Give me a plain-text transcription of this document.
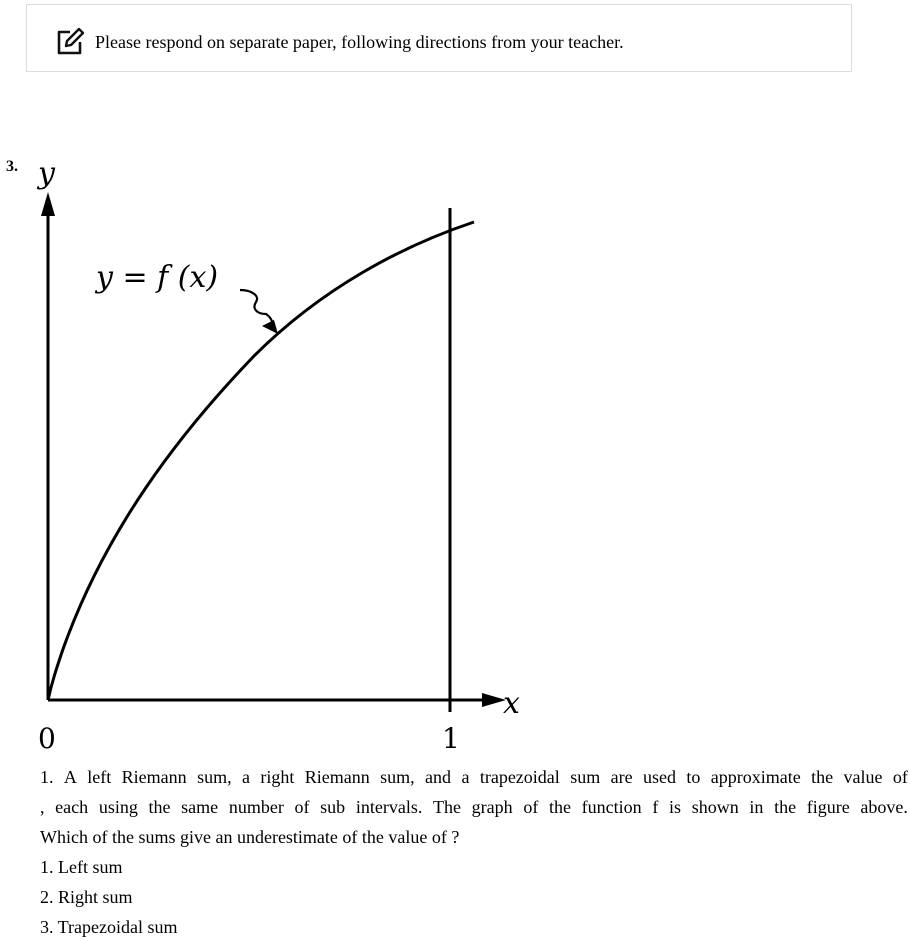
Please respond on separate paper, following directions from your teacher.
3. y
y = f (x)
x
0	1

1. A left Riemann sum, a right Riemann sum, and a trapezoidal sum are used to approximate the value of

, each using the same number of sub intervals. The graph of the function f is shown in the figure above.

Which of the sums give an underestimate of the value of ?

1. Left sum

2. Right sum

3. Trapezoidal sum
